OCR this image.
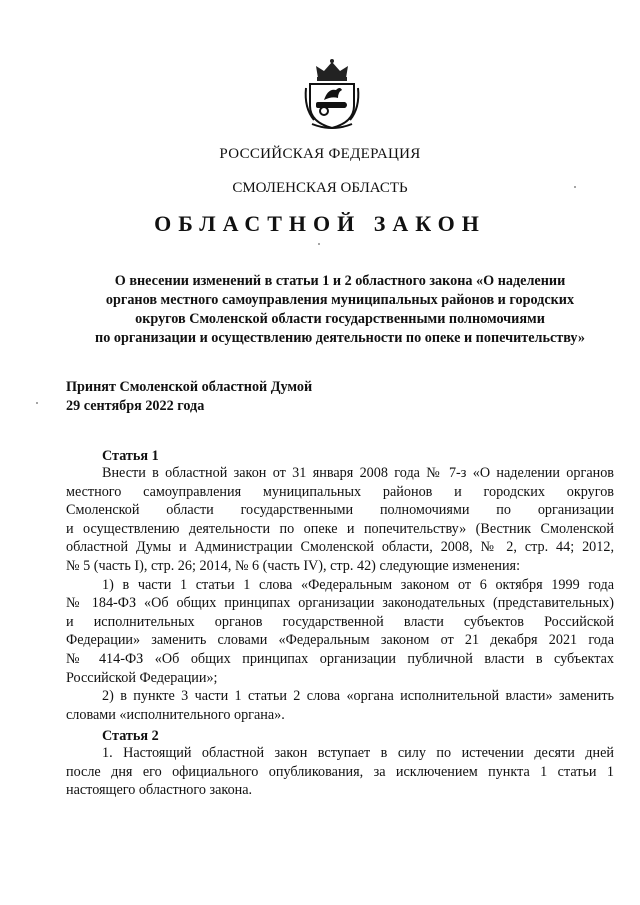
РОССИЙСКАЯ ФЕДЕРАЦИЯ
СМОЛЕНСКАЯ ОБЛАСТЬ
ОБЛАСТНОЙ ЗАКОН
О внесении изменений в статьи 1 и 2 областного закона «О наделении
органов местного самоуправления муниципальных районов и городских
округов Смоленской области государственными полномочиями
по организации и осуществлению деятельности по опеке и попечительству»
Принят Смоленской областной Думой
29 сентября 2022 года
Статья 1
Внести в областной закон от 31 января 2008 года № 7-з «О наделении органов
местного самоуправления муниципальных районов и городских округов
Смоленской области государственными полномочиями по организации
и осуществлению деятельности по опеке и попечительству» (Вестник Смоленской
областной Думы и Администрации Смоленской области, 2008, № 2, стр. 44; 2012,
№ 5 (часть I), стр. 26; 2014, № 6 (часть IV), стр. 42) следующие изменения:
1) в части 1 статьи 1 слова «Федеральным законом от 6 октября 1999 года
№ 184-ФЗ «Об общих принципах организации законодательных (представительных)
и исполнительных органов государственной власти субъектов Российской
Федерации» заменить словами «Федеральным законом от 21 декабря 2021 года
№ 414-ФЗ «Об общих принципах организации публичной власти в субъектах
Российской Федерации»;
2) в пункте 3 части 1 статьи 2 слова «органа исполнительной власти» заменить
словами «исполнительного органа».
Статья 2
1. Настоящий областной закон вступает в силу по истечении десяти дней
после дня его официального опубликования, за исключением пункта 1 статьи 1
настоящего областного закона.
